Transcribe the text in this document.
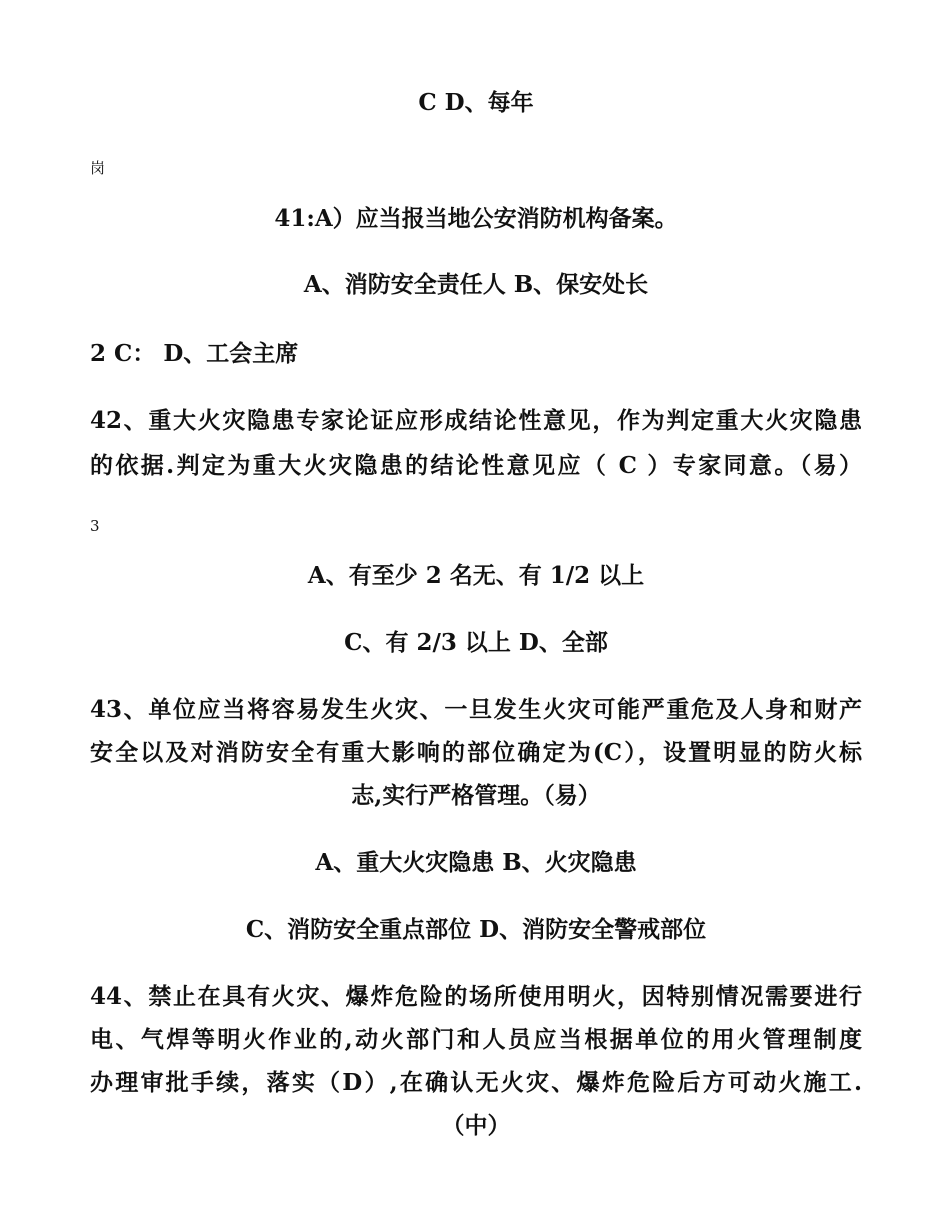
C D、每年
岗
41:A）应当报当地公安消防机构备案。
A、消防安全责任人 B、保安处长
2 C： D、工会主席
42、重大火灾隐患专家论证应形成结论性意见，作为判定重大火灾隐患
的依据.判定为重大火灾隐患的结论性意见应（ C ）专家同意。（易）
3
A、有至少 2 名无、有 1/2 以上
C、有 2/3 以上 D、全部
43、单位应当将容易发生火灾、一旦发生火灾可能严重危及人身和财产
安全以及对消防安全有重大影响的部位确定为(C），设置明显的防火标
志,实行严格管理。（易）
A、重大火灾隐患 B、火灾隐患
C、消防安全重点部位 D、消防安全警戒部位
44、禁止在具有火灾、爆炸危险的场所使用明火，因特别情况需要进行
电、气焊等明火作业的,动火部门和人员应当根据单位的用火管理制度
办理审批手续，落实（D）,在确认无火灾、爆炸危险后方可动火施工.
（中）
